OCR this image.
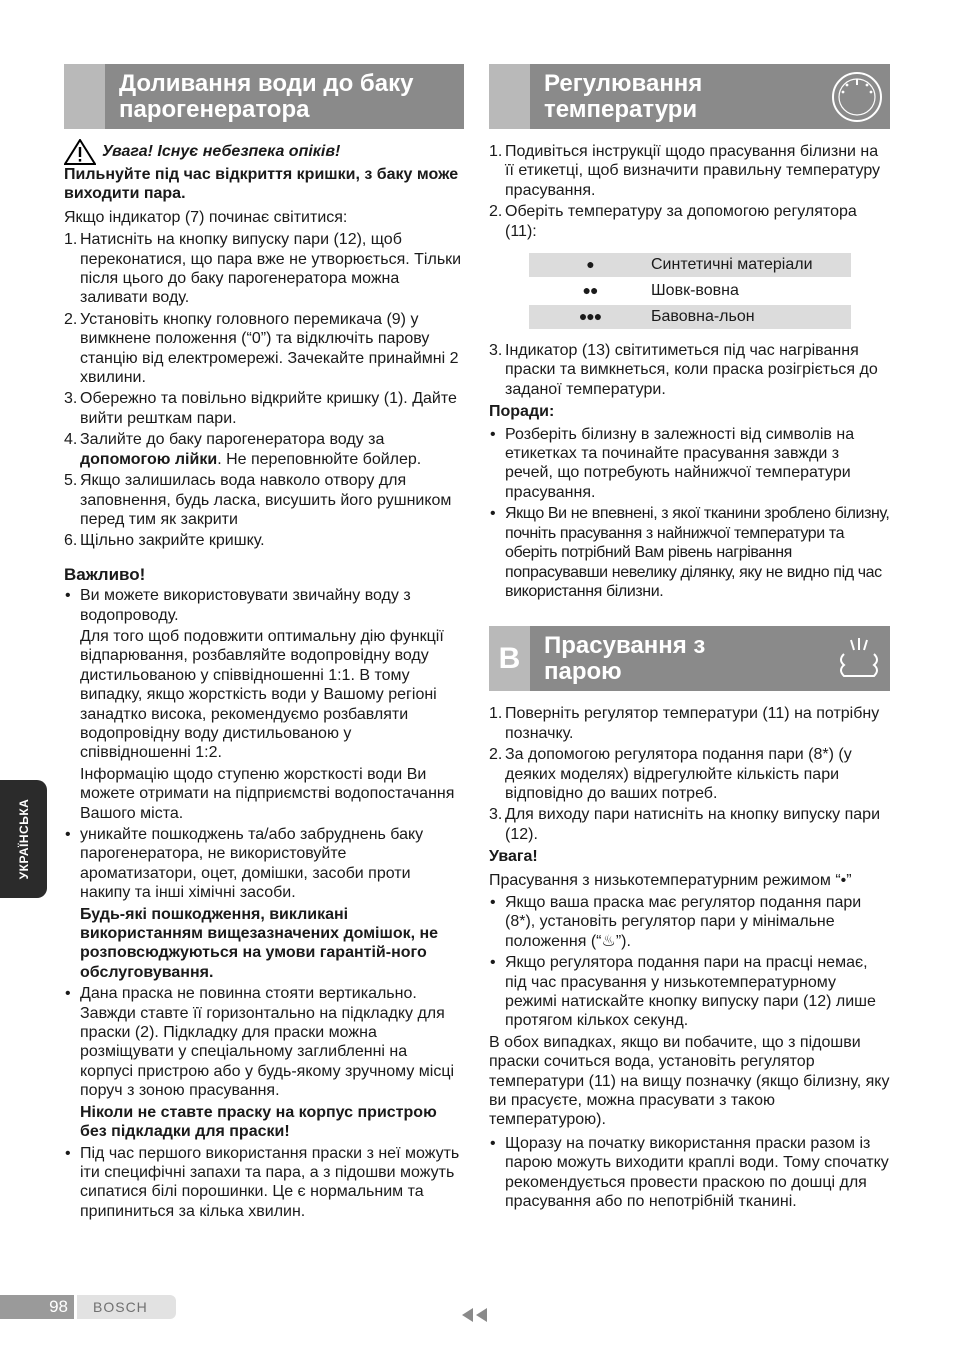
Доливання води до баку
парогенератора
Увага! Існує небезпека опіків!

Пильнуйте під час відкриття кришки, з баку може виходити пара.

Якщо індикатор (7) починає світитися:

1. Натисніть на кнопку випуску пари (12), щоб переконатися, що пара вже не утворюється. Тільки після цього до баку парогенератора можна заливати воду.
2. Установіть кнопку головного перемикача (9) у вимкнене положення (“0”) та відключіть парову станцію від електромережі. Зачекайте принаймні 2 хвилини.
3. Обережно та повільно відкрийте кришку (1). Дайте вийти решткам пари.
4. Залийте до баку парогенератора воду за допомогою лійки. Не переповнюйте бойлер.
5. Якщо залишилась вода навколо отвору для заповнення, будь ласка, висушить його рушником перед тим як закрити
6. Щільно закрийте кришку.

Важливо!

• Ви можете використовувати звичайну воду з водопроводу.

Для того щоб подовжити оптимальну дію функції відпарювання, розбавляйте водопровідну воду дистильованою у співвідношенні 1:1. В тому випадку, якщо жорсткість води у Вашому регіоні занадтко висока, рекомендуємо розбавляти водопровідну воду дистильованою у співвідношенні 1:2.

Інформацію щодо ступеню жорсткості води Ви можете отримати на підприємстві водопостачання Вашого міста.

• уникайте пошкоджень та/або забруднень баку парогенератора, не використовуйте ароматизатори, оцет, домішки, засоби проти накипу та інші хімічні засоби.

Будь-які пошкодження, викликані використанням вищезазначених домішок, не розповсюджуються на умови гарантій-ного обслуговування.

• Дана праска не повинна стояти вертикально. Завжди ставте її горизонтально на підкладку для праски (2). Підкладку для праски можна розміщувати у спеціальному заглибленні на корпусі пристрою або у будь-якому зручному місці поруч з зоною прасування.

Ніколи не ставте праску на корпус пристрою без підкладки для праски!

• Під час першого використання праски з неї можуть іти специфічні запахи та пара, а з підошви можуть сипатися білі порошинки. Це є нормальним та припиниться за кілька хвилин.

Регулювання
температури
1. Подивіться інструкції щодо прасування білизни на її етикетці, щоб визначити правильну температуру прасування.
2. Оберіть температуру за допомогою регулятора (11):
●	Синтетичні матеріали

●●	Шовк-вовна

●●●	Бавовна-льон
3. Індикатор (13) світитиметься під час нагрівання праски та вимкнеться, коли праска розігріється до заданої температури.

Поради:

• Розберіть білизну в залежності від символів на етикетках та починайте прасування завжди з речей, що потребують найнижчої температури прасування.
• Якщо Ви не впевнені, з якої тканини зроблено білизну, почніть прасування з найнижчої температури та оберіть потрібний Вам рівень нагрівання попрасувавши невелику ділянку, яку не видно під час використання білизни.
B Прасування з
парою
1. Поверніть регулятор температури (11) на потрібну позначку.
2. За допомогою регулятора подання пари (8*) (у деяких моделях) відрегулюйте кількість пари відповідно до ваших потреб.
3. Для виходу пари натисніть на кнопку випуску пари (12).

Увага!

Прасування з низькотемпературним режимом “•”

• Якщо ваша праска має регулятор подання пари (8*), установіть регулятор пари у мінімальне положення (“♨”).
• Якщо регулятора подання пари на прасці немає, під час прасування у низькотемпературному режимі натискайте кнопку випуску пари (12) лише протягом кількох секунд.

В обох випадках, якщо ви побачите, що з підошви праски сочиться вода, установіть регулятор температури (11) на вищу позначку (якщо білизну, яку ви прасуєте, можна прасувати з такою температурою).

• Щоразу на початку використання праски разом із парою можуть виходити краплі води. Тому спочатку рекомендується провести праскою по дошці для прасування або по непотрібній тканині.
УКРАЇНСЬКА
98	BOSCH
